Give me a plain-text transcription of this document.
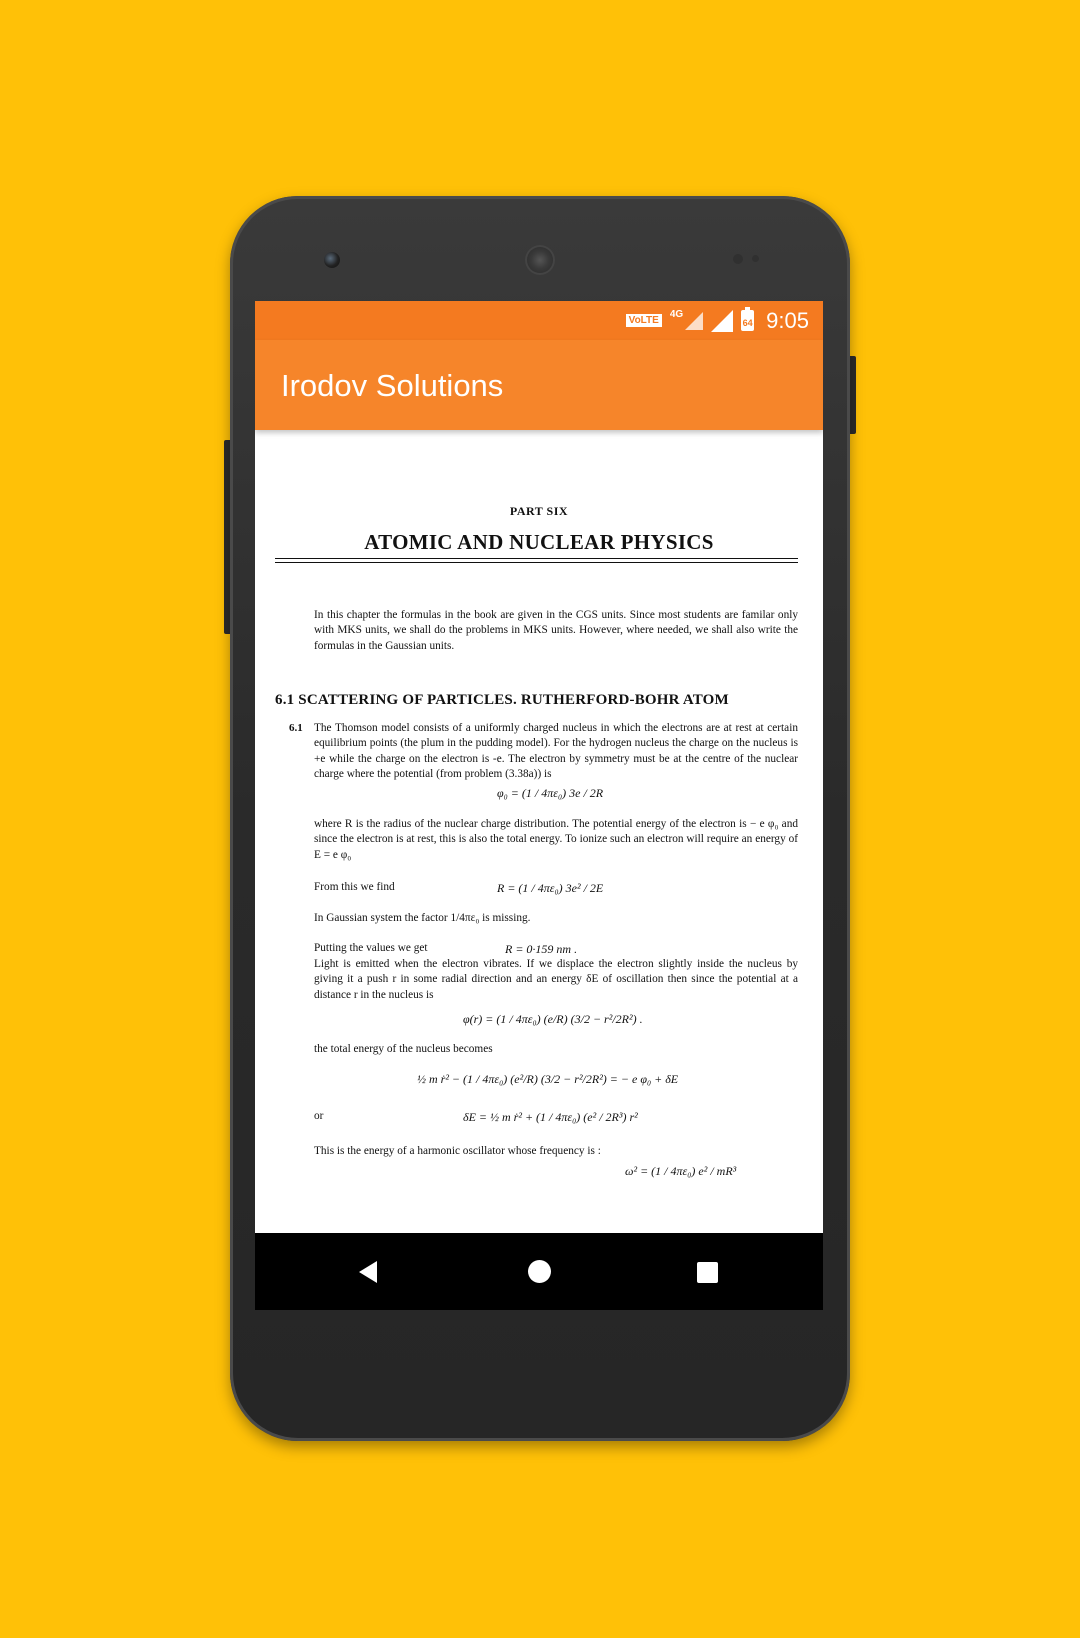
VoLTE
4G
64 9:05
Irodov Solutions
PART SIX
ATOMIC AND NUCLEAR PHYSICS
In this chapter the formulas in the book are given in the CGS units. Since most students are familar only with MKS units, we shall do the problems in MKS units. However, where needed, we shall also write the formulas in the Gaussian units.
6.1 SCATTERING OF PARTICLES. RUTHERFORD-BOHR ATOM
6.1 The Thomson model consists of a uniformly charged nucleus in which the electrons are at rest at certain equilibrium points (the plum in the pudding model). For the hydrogen nucleus the charge on the nucleus is +e while the charge on the electron is -e. The electron by symmetry must be at the centre of the nuclear charge where the potential (from problem (3.38a)) is
φ₀ = (1 / 4πε₀) 3e / 2R
where R is the radius of the nuclear charge distribution. The potential energy of the electron is − e φ₀ and since the electron is at rest, this is also the total energy. To ionize such an electron will require an energy of E = e φ₀
From this we find	R = (1 / 4πε₀) 3e² / 2E
In Gaussian system the factor 1/4πε₀ is missing.
Putting the values we get	R = 0·159 nm .
Light is emitted when the electron vibrates. If we displace the electron slightly inside the nucleus by giving it a push r in some radial direction and an energy δE of oscillation then since the potential at a distance r in the nucleus is
φ(r) = (1 / 4πε₀) (e/R) (3/2 − r²/2R²) .
the total energy of the nucleus becomes
½ m ṙ² − (1 / 4πε₀) (e²/R) (3/2 − r²/2R²) = − e φ₀ + δE
or	δE = ½ m ṙ² + (1 / 4πε₀) (e² / 2R³) r²
This is the energy of a harmonic oscillator whose frequency is :
ω² = (1 / 4πε₀) e² / mR³
